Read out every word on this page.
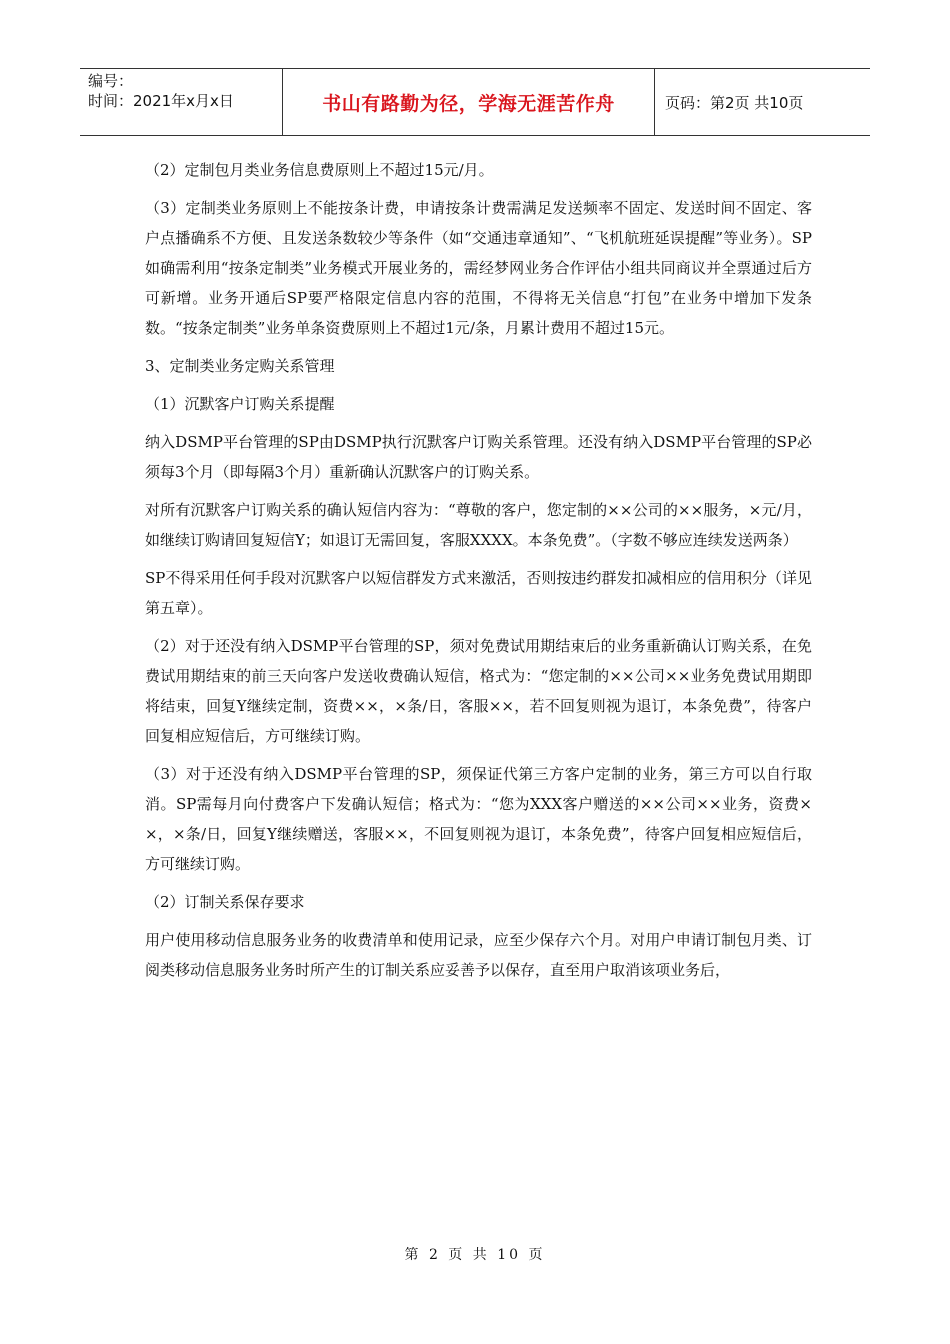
编号：
时间：2021年x月x日	书山有路勤为径，学海无涯苦作舟	页码：第2页 共10页

（2）定制包月类业务信息费原则上不超过15元/月。

（3）定制类业务原则上不能按条计费，申请按条计费需满足发送频率不固定、发送时间不固定、客户点播确系不方便、且发送条数较少等条件（如“交通违章通知”、“飞机航班延误提醒”等业务）。SP如确需利用“按条定制类”业务模式开展业务的，需经梦网业务合作评估小组共同商议并全票通过后方可新增。业务开通后SP要严格限定信息内容的范围，不得将无关信息“打包”在业务中增加下发条数。“按条定制类”业务单条资费原则上不超过1元/条，月累计费用不超过15元。

3、定制类业务定购关系管理

（1）沉默客户订购关系提醒

纳入DSMP平台管理的SP由DSMP执行沉默客户订购关系管理。还没有纳入DSMP平台管理的SP必须每3个月（即每隔3个月）重新确认沉默客户的订购关系。

对所有沉默客户订购关系的确认短信内容为：“尊敬的客户，您定制的××公司的××服务，×元/月，如继续订购请回复短信Y；如退订无需回复，客服XXXX。本条免费”。（字数不够应连续发送两条）

SP不得采用任何手段对沉默客户以短信群发方式来激活，否则按违约群发扣减相应的信用积分（详见第五章）。

（2）对于还没有纳入DSMP平台管理的SP，须对免费试用期结束后的业务重新确认订购关系，在免费试用期结束的前三天向客户发送收费确认短信，格式为：“您定制的××公司××业务免费试用期即将结束，回复Y继续定制，资费××，×条/日，客服××，若不回复则视为退订，本条免费”，待客户回复相应短信后，方可继续订购。

（3）对于还没有纳入DSMP平台管理的SP，须保证代第三方客户定制的业务，第三方可以自行取消。SP需每月向付费客户下发确认短信；格式为：“您为XXX客户赠送的××公司××业务，资费××，×条/日，回复Y继续赠送，客服××，不回复则视为退订，本条免费”，待客户回复相应短信后，方可继续订购。

（2）订制关系保存要求

用户使用移动信息服务业务的收费清单和使用记录，应至少保存六个月。对用户申请订制包月类、订阅类移动信息服务业务时所产生的订制关系应妥善予以保存，直至用户取消该项业务后，

第 2 页 共 10 页
